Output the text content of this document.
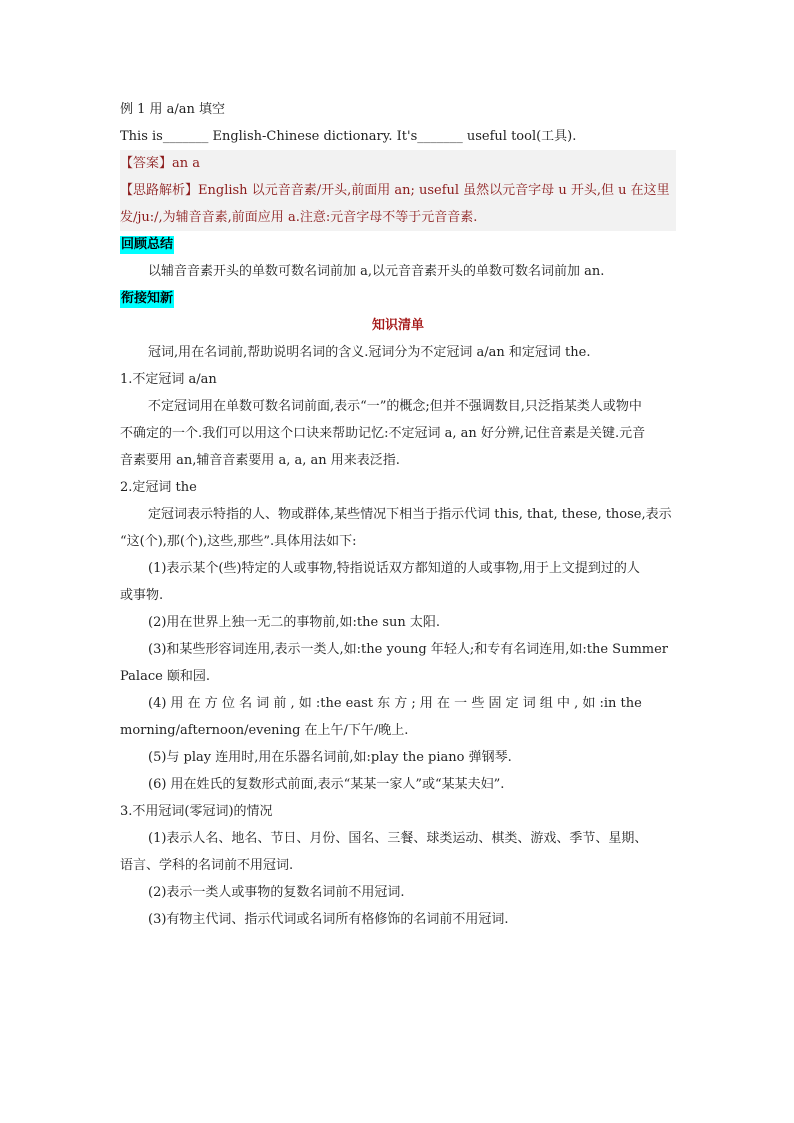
例 1 用 a/an 填空
This is_______ English-Chinese dictionary. It's_______ useful tool(工具).
【答案】an a
【思路解析】English 以元音音素/开头,前面用 an; useful 虽然以元音字母 u 开头,但 u 在这里
发/ju:/,为辅音音素,前面应用 a.注意:元音字母不等于元音音素.
回顾总结
以辅音音素开头的单数可数名词前加 a,以元音音素开头的单数可数名词前加 an.
衔接知新
知识清单
冠词,用在名词前,帮助说明名词的含义.冠词分为不定冠词 a/an 和定冠词 the.
1.不定冠词 a/an
不定冠词用在单数可数名词前面,表示“一”的概念;但并不强调数目,只泛指某类人或物中
不确定的一个.我们可以用这个口诀来帮助记忆:不定冠词 a, an 好分辨,记住音素是关键.元音
音素要用 an,辅音音素要用 a, a, an 用来表泛指.
2.定冠词 the
定冠词表示特指的人、物或群体,某些情况下相当于指示代词 this, that, these, those,表示
“这(个),那(个),这些,那些”.具体用法如下:
(1)表示某个(些)特定的人或事物,特指说话双方都知道的人或事物,用于上文提到过的人
或事物.
(2)用在世界上独一无二的事物前,如:the sun 太阳.
(3)和某些形容词连用,表示一类人,如:the young 年轻人;和专有名词连用,如:the Summer
Palace 颐和园.
(4) 用 在 方 位 名 词 前 , 如 :the east 东 方 ; 用 在 一 些 固 定 词 组 中 , 如 :in the
morning/afternoon/evening 在上午/下午/晚上.
(5)与 play 连用时,用在乐器名词前,如:play the piano 弹钢琴.
(6) 用在姓氏的复数形式前面,表示“某某一家人”或“某某夫妇”.
3.不用冠词(零冠词)的情况
(1)表示人名、地名、节日、月份、国名、三餐、球类运动、棋类、游戏、季节、星期、
语言、学科的名词前不用冠词.
(2)表示一类人或事物的复数名词前不用冠词.
(3)有物主代词、指示代词或名词所有格修饰的名词前不用冠词.
